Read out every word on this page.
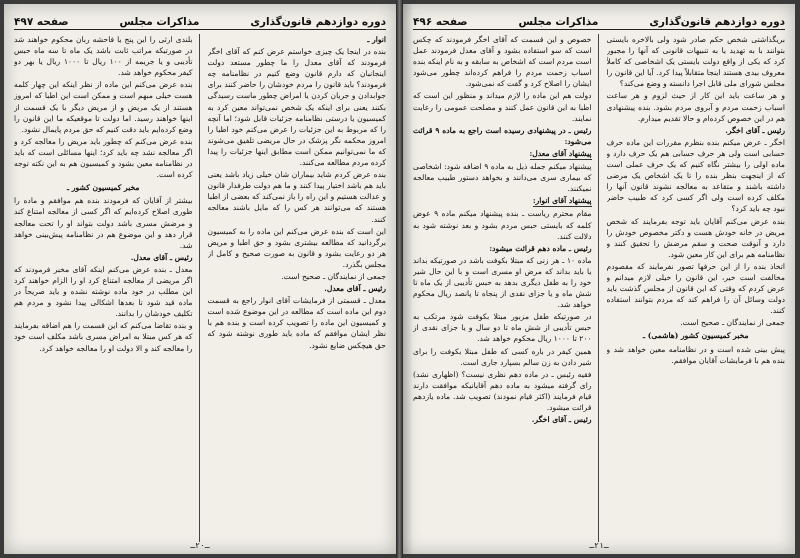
دوره دوازدهم قانون‌گذاری
مذاکرات مجلس
صفحه ۴۹۷

انوار ـ

بنده در اینجا یک چیزی خواستم عرض کنم که آقای اخگر فرمودند که آقای معدل را ما چطور مستعد دولت اینجانبان که دارم قانون وضع کنیم در نظامنامه چه فرمودند؟ باید قانون را مردم خودشان را حاضر کنند برای جوابدادن و جریان کردن یا امراض چطور ماست رسیدگی بکنند یعنی برای اینکه یک شخص نمی‌تواند معین کرد به کمیسیون یا درستی نظامنامه جزئیات قابل شود؛ اما آنچه را که مربوط به این جزئیات را عرض می‌کنم خود اطبا را امروز محکمه نگر پزشک در حال مریضی تلفیق می‌شوند که ما نمی‌توانیم ممکن است مطابق اینها جزئیات را پیدا کرده مردم مطالعه می‌کنند.

بنده عرض کردم شاید بیماران شان خیلی زیاد باشد یعنی باید هم باشد اختیار پیدا کنند و ما هم دولت طرفدار قانون و عدالت هستیم و این راه را باز نمی‌کند که بعضی از اطبا هستند که می‌توانند هر کس را که مایل باشند معالجه کنند.

این است که بنده عرض می‌کنم این ماده را به کمیسیون برگردانید که مطالعه بیشتری بشود و حق اطبا و مریض هر دو رعایت بشود و قانون به صورت صحیح و کامل از مجلس بگذرد.

جمعی از نمایندگان ـ صحیح است.

رئیس ـ آقای معدل.

معدل ـ قسمتی از فرمایشات آقای انوار راجع به قسمت دوم این ماده است که مطالعه در این موضوع شده است و کمیسیون این ماده را تصویب کرده است و بنده هم با نظر ایشان موافقم که ماده باید طوری نوشته شود که حق هیچکس ضایع نشود.

بلندی ارثی را این پنج یا فاحشه ربان محکوم خواهند شد در صورتیکه مراتب ثابت باشد یک ماه تا سه ماه حبس تأدیبی و یا جریمه از ۱۰۰ ریال تا ۱۰۰۰ ریال یا بهر دو کیفر محکوم خواهد شد.

بنده عرض می‌کنم این ماده از نظر اینکه این چهار کلمه هست خیلی مبهم است و ممکن است این اطبا که امروز هستند از یک مریض و از مریض دیگر با یک قسمت از اینها خواهند رسید. اما دولت تا موقعیکه ما این قانون را وضع کرده‌ایم باید دقت کنیم که حق مردم پایمال نشود.

بنده عرض می‌کنم که چطور باید مریض را معالجه کرد و اگر معالجه نشد چه باید کرد؛ اینها مسائلی است که باید در نظامنامه معین بشود و کمیسیون هم به این نکته توجه کرده است.

مخبر کمیسیون کشور ـ

بیشتر از آقایان که فرمودند بنده هم موافقم و ماده را طوری اصلاح کرده‌ایم که اگر کسی از معالجه امتناع کند و مرضش مسری باشد دولت بتواند او را تحت معالجه قرار دهد و این موضوع هم در نظامنامه پیش‌بینی خواهد شد.

رئیس ـ آقای معدل.

معدل ـ بنده عرض می‌کنم اینکه آقای مخبر فرمودند که اگر مریضی از معالجه امتناع کرد او را الزام خواهند کرد این مطلب در خود ماده نوشته نشده و باید صریحاً در ماده قید شود تا بعدها اشکالی پیدا نشود و مردم هم تکلیف خودشان را بدانند.

و بنده تقاضا می‌کنم که این قسمت را هم اضافه بفرمایند که هر کس مبتلا به امراض مسری باشد مکلف است خود را معالجه کند و الا دولت او را معالجه خواهد کرد.

ـ۲۰ـ
دوره دوازدهم قانون‌گذاری
مذاکرات مجلس
صفحه ۴۹۶

بریگذاشتی شخص حکم صادر شود ولی بالاخره بایستی بتوانند با به تهدید یا به تنبیهات قانونی که آنها را مجبور کرد که یکی از واقع دولت بایستی یک اشخاصی که کاملاً معروف بیدی هستند اینجا متقابلاً پیدا کرد. آیا این قانون را مجلس شورای ملی قابل اجرا دانسته و وضع می‌کند؟

و هر ساعت باید این کار از حیث لزوم و هر ساعت اسباب زحمت مردم و آبروی مردم بشود. بنده پیشنهادی هم در این خصوص کرده‌ام و حالا تقدیم میدارم.

رئیس ـ آقای اخگر.

اخگر ـ عرض میکنم بنده بنظرم مقررات این ماده حرف حسابی است ولی هر حرف حسابی هم یک حرف دارد و ماده اولی را بیشتر نگاه کنیم که یک حرف عملی است که از اینجهت بنظر بنده را تا یک اشخاص یک مرضی داشته باشند و متقاعد به معالجه نشوند قانون آنها را مکلف کرده است ولی اگر کسی کرد که طبیب حاضر نبود چه باید کرد؟

بنده عرض می‌کنم آقایان باید توجه بفرمایند که شخص مریض در خانه خودش هست و دکتر مخصوص خودش را دارد و آنوقت صحت و سقم مرضش را تحقیق کنند و نظامنامه هم برای این کار معین شود.

اتخاذ بنده را از این حرفها تصور نفرمایند که مقصودم مخالفت است خیر، این قانون را خیلی لازم میدانم و عرض کردم که وقتی که این قانون از مجلس گذشت باید دولت وسائل آن را فراهم کند که مردم بتوانند استفاده کنند.

جمعی از نمایندگان ـ صحیح است.

مخبر کمیسیون کشور (هاشمی) ـ

پیش بینی شده است و در نظامنامه معین خواهد شد و بنده هم با فرمایشات آقایان موافقم.

خصوص و این قسمت که آقای اخگر فرمودند که چکس است که سو استفاده بشود و آقای معدل فرمودند عمل است مردم است که اشخاص به سابقه و به نام اینکه بنده اسباب زحمت مردم را فراهم کرده‌اند چطور می‌شود ایشان را اصلاح کرد و گفت که نمی‌شود.

دولت هم این ماده را لازم میداند و منظور این است که اطبا به این قانون عمل کنند و مصلحت عمومی را رعایت نمایند.

رئیس ـ در پیشنهادی رسیده است راجع به ماده ۹ قرائت می‌شود:

پیشنهاد آقای معدل:

پیشنهاد میکنم جمله ذیل به ماده ۹ اضافه شود: اشخاصی که بیماری سری می‌دانند و بخواهد دستور طبیب معالجه نمیکنند.

پیشنهاد آقای انوار:

مقام محترم ریاست ـ بنده پیشنهاد میکنم ماده ۹ عوض کلمه که بایستی حبس مردم بشود و بعد نوشته شود به دلالت کنند.

رئیس ـ ماده دهم قرائت میشود:

ماده ۱۰ ـ هر زنی که مبتلا بکوفت باشد در صورتیکه بداند یا باید بداند که مرض او مسری است و با این حال شیر خود را به طفل دیگری بدهد به حبس تأدیبی از یک ماه تا شش ماه و یا جزای نقدی از پنجاه تا پانصد ریال محکوم خواهد شد.

در صورتیکه طفل مزبور مبتلا بکوفت شود مرتکب به حبس تأدیبی از شش ماه تا دو سال و یا جزای نقدی از ۲۰۰ تا ۱۰۰۰ ریال محکوم خواهد شد.

همین کیفر در باره کسی که طفل مبتلا بکوفت را برای شیر دادن به زن سالم بسپارد جاری است.

فقیه رئیس ـ در ماده دهم نظری نیست؟ (اظهاری نشد) رای گرفته میشود به ماده دهم آقایانیکه موافقت دارند قیام فرمایند (اکثر قیام نمودند) تصویب شد. ماده یازدهم قرائت میشود.

رئیس ـ آقای اخگر.

ـ۲۱ـ
